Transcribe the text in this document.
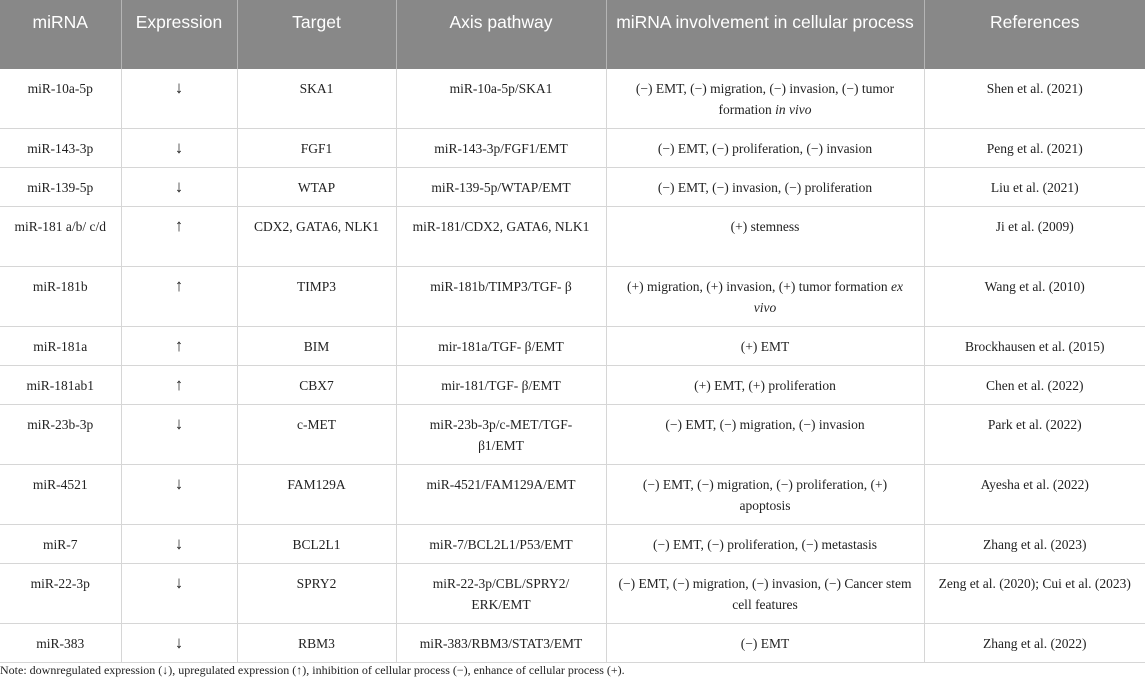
miRNA	Expression	Target	Axis pathway	miRNA involvement in cellular process	References
miR-10a-5p	↓	SKA1	miR-10a-5p/SKA1	(−) EMT, (−) migration, (−) invasion, (−) tumor formation in vivo	Shen et al. (2021)
miR-143-3p	↓	FGF1	miR-143-3p/FGF1/EMT	(−) EMT, (−) proliferation, (−) invasion	Peng et al. (2021)
miR-139-5p	↓	WTAP	miR-139-5p/WTAP/EMT	(−) EMT, (−) invasion, (−) proliferation	Liu et al. (2021)
miR-181 a/b/ c/d	↑	CDX2, GATA6, NLK1	miR-181/CDX2, GATA6, NLK1	(+) stemness	Ji et al. (2009)
miR-181b	↑	TIMP3	miR-181b/TIMP3/TGF- β	(+) migration, (+) invasion, (+) tumor formation ex vivo	Wang et al. (2010)
miR-181a	↑	BIM	mir-181a/TGF- β/EMT	(+) EMT	Brockhausen et al. (2015)
miR-181ab1	↑	CBX7	mir-181/TGF- β/EMT	(+) EMT, (+) proliferation	Chen et al. (2022)
miR-23b-3p	↓	c-MET	miR-23b-3p/c-MET/TGF- β1/EMT	(−) EMT, (−) migration, (−) invasion	Park et al. (2022)
miR-4521	↓	FAM129A	miR-4521/FAM129A/EMT	(−) EMT, (−) migration, (−) proliferation, (+) apoptosis	Ayesha et al. (2022)
miR-7	↓	BCL2L1	miR-7/BCL2L1/P53/EMT	(−) EMT, (−) proliferation, (−) metastasis	Zhang et al. (2023)
miR-22-3p	↓	SPRY2	miR-22-3p/CBL/SPRY2/ ERK/EMT	(−) EMT, (−) migration, (−) invasion, (−) Cancer stem cell features	Zeng et al. (2020); Cui et al. (2023)
miR-383	↓	RBM3	miR-383/RBM3/STAT3/EMT	(−) EMT	Zhang et al. (2022)
Note: downregulated expression (↓), upregulated expression (↑), inhibition of cellular process (−), enhance of cellular process (+).
